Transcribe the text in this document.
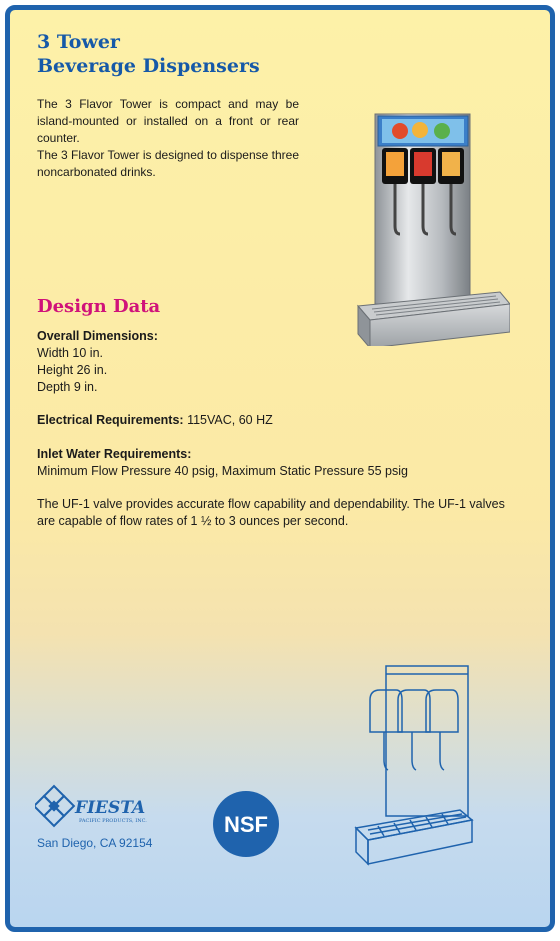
3 Tower
Beverage Dispensers
The 3 Flavor Tower is compact and may be island-mounted or installed on a front or rear counter.
The 3 Flavor Tower is designed to dispense three noncarbonated drinks.
Design Data
Overall Dimensions:
Width 10 in.
Height 26 in.
Depth 9 in.
Electrical Requirements: 115VAC, 60 HZ
Inlet Water Requirements:
Minimum Flow Pressure 40 psig, Maximum Static Pressure 55 psig
The UF-1 valve provides accurate flow capability and dependability. The UF-1 valves are capable of flow rates of 1 ½ to 3 ounces per second.
FIESTA
PACIFIC PRODUCTS, INC.
San Diego, CA 92154
NSF
